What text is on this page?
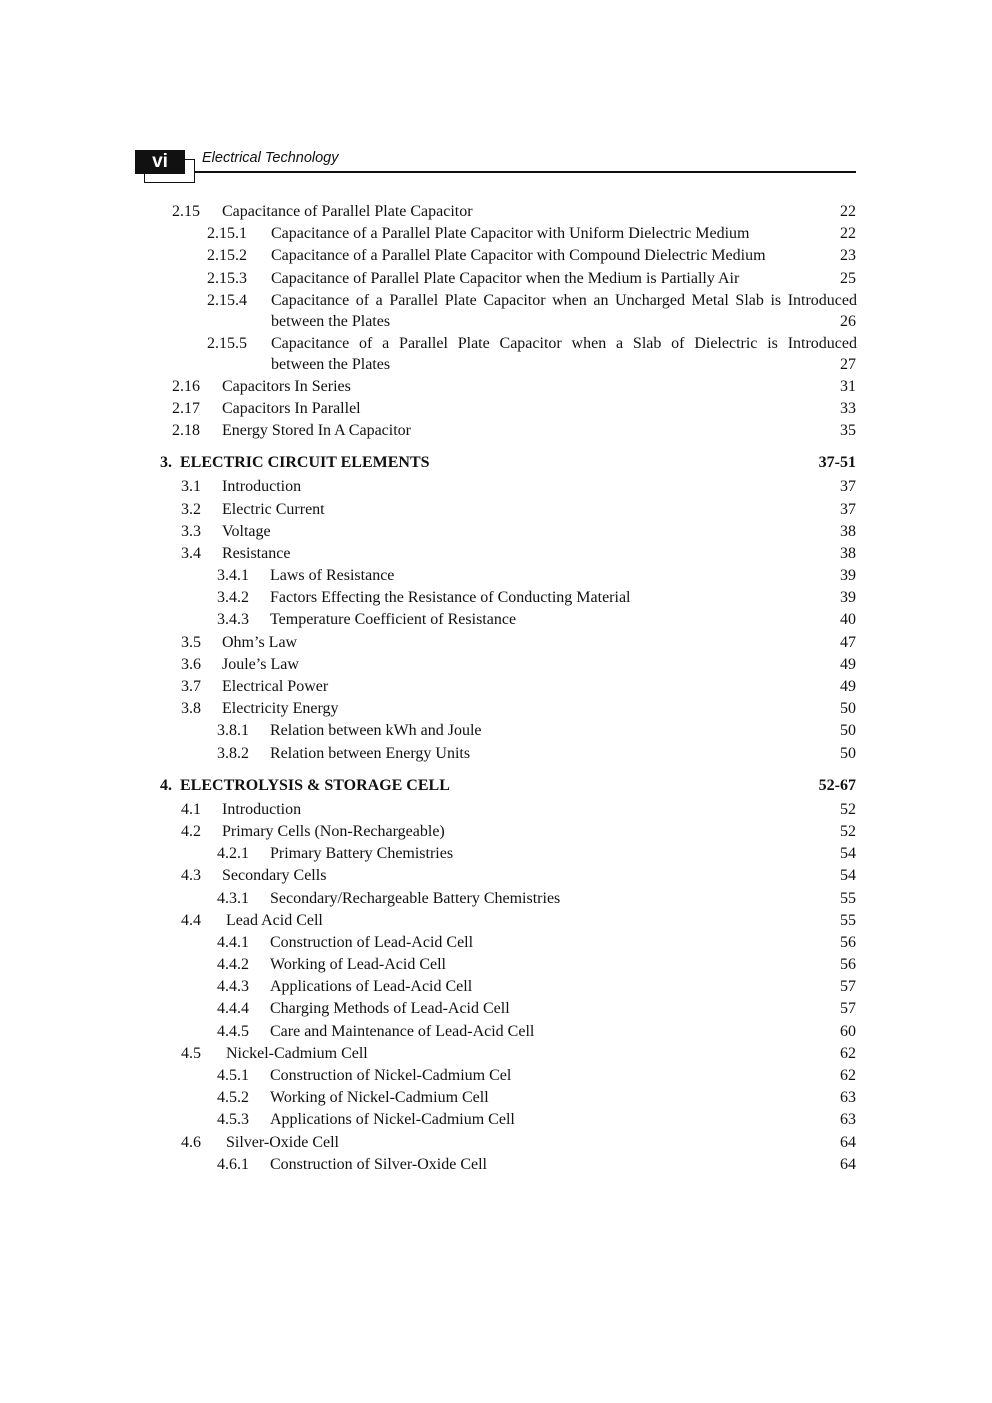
vi	Electrical Technology
2.15 Capacitance of Parallel Plate Capacitor	22
2.15.1 Capacitance of a Parallel Plate Capacitor with Uniform Dielectric Medium	22
2.15.2 Capacitance of a Parallel Plate Capacitor with Compound Dielectric Medium	23
2.15.3 Capacitance of Parallel Plate Capacitor when the Medium is Partially Air	25
2.15.4 Capacitance of a Parallel Plate Capacitor when an Uncharged Metal Slab is Introduced
between the Plates	26
2.15.5 Capacitance of a Parallel Plate Capacitor when a Slab of Dielectric is Introduced
between the Plates	27
2.16 Capacitors In Series	31
2.17 Capacitors In Parallel	33
2.18 Energy Stored In A Capacitor	35
3. ELECTRIC CIRCUIT ELEMENTS	37-51
3.1 Introduction	37
3.2 Electric Current	37
3.3 Voltage	38
3.4 Resistance	38
3.4.1 Laws of Resistance	39
3.4.2 Factors Effecting the Resistance of Conducting Material	39
3.4.3 Temperature Coefficient of Resistance	40
3.5 Ohm’s Law	47
3.6 Joule’s Law	49
3.7 Electrical Power	49
3.8 Electricity Energy	50
3.8.1 Relation between kWh and Joule	50
3.8.2 Relation between Energy Units	50
4. ELECTROLYSIS & STORAGE CELL	52-67
4.1 Introduction	52
4.2 Primary Cells (Non-Rechargeable)	52
4.2.1 Primary Battery Chemistries	54
4.3 Secondary Cells	54
4.3.1 Secondary/Rechargeable Battery Chemistries	55
4.4 Lead Acid Cell	55
4.4.1 Construction of Lead-Acid Cell	56
4.4.2 Working of Lead-Acid Cell	56
4.4.3 Applications of Lead-Acid Cell	57
4.4.4 Charging Methods of Lead-Acid Cell	57
4.4.5 Care and Maintenance of Lead-Acid Cell	60
4.5 Nickel-Cadmium Cell	62
4.5.1 Construction of Nickel-Cadmium Cel	62
4.5.2 Working of Nickel-Cadmium Cell	63
4.5.3 Applications of Nickel-Cadmium Cell	63
4.6 Silver-Oxide Cell	64
4.6.1 Construction of Silver-Oxide Cell	64
